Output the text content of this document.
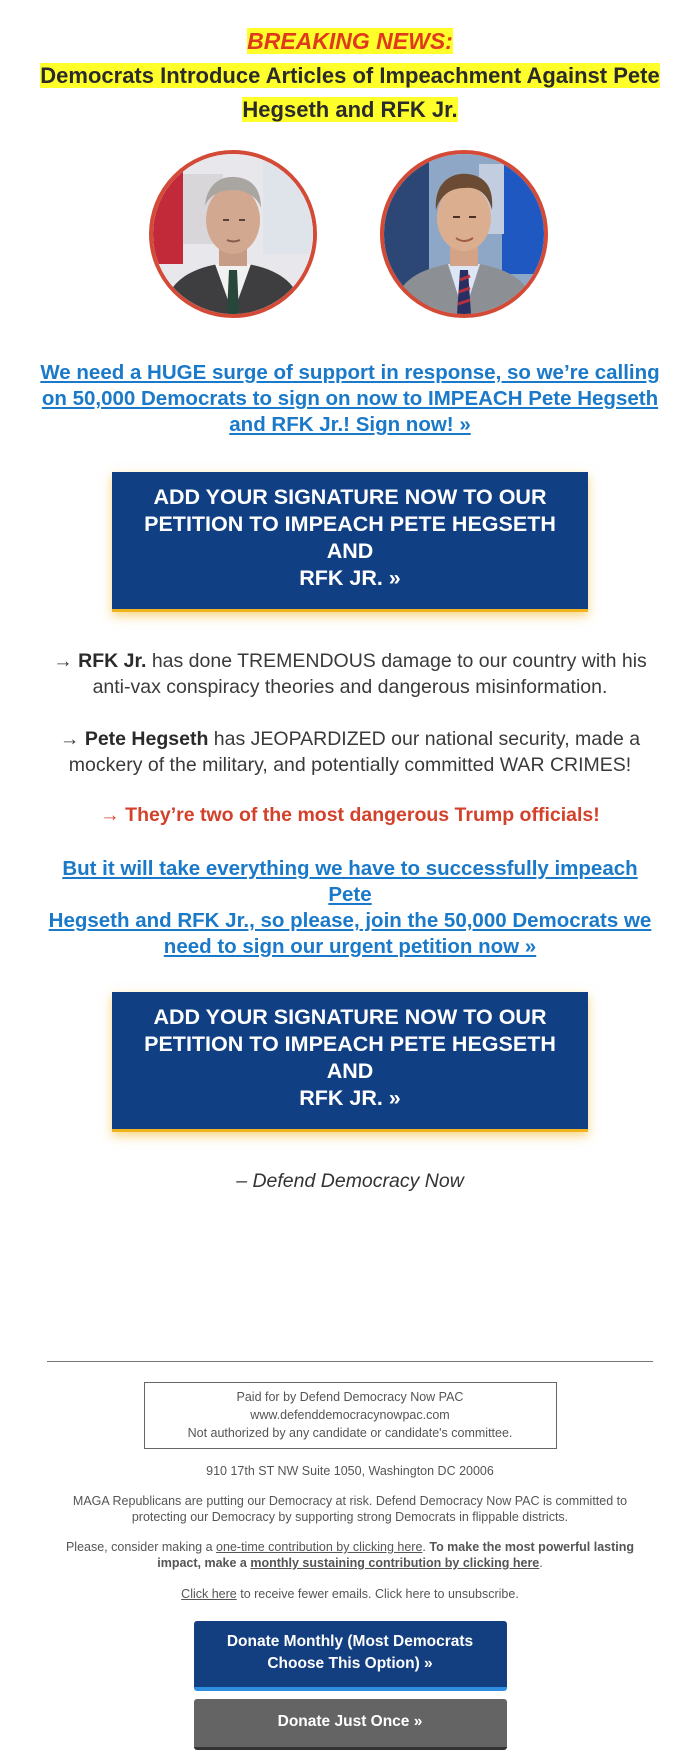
BREAKING NEWS:
Democrats Introduce Articles of Impeachment Against Pete
Hegseth and RFK Jr.
We need a HUGE surge of support in response, so we’re calling
on 50,000 Democrats to sign on now to IMPEACH Pete Hegseth
and RFK Jr.! Sign now! »
ADD YOUR SIGNATURE NOW TO OUR
PETITION TO IMPEACH PETE HEGSETH AND
RFK JR. »
→ RFK Jr. has done TREMENDOUS damage to our country with his
anti-vax conspiracy theories and dangerous misinformation.
→ Pete Hegseth has JEOPARDIZED our national security, made a
mockery of the military, and potentially committed WAR CRIMES!
→ They’re two of the most dangerous Trump officials!
But it will take everything we have to successfully impeach Pete
Hegseth and RFK Jr., so please, join the 50,000 Democrats we
need to sign our urgent petition now »
ADD YOUR SIGNATURE NOW TO OUR
PETITION TO IMPEACH PETE HEGSETH AND
RFK JR. »
– Defend Democracy Now
Paid for by Defend Democracy Now PAC
www.defenddemocracynowpac.com
Not authorized by any candidate or candidate's committee.
910 17th ST NW Suite 1050, Washington DC 20006
MAGA Republicans are putting our Democracy at risk. Defend Democracy Now PAC is committed to
protecting our Democracy by supporting strong Democrats in flippable districts.
Please, consider making a one-time contribution by clicking here. To make the most powerful lasting
impact, make a monthly sustaining contribution by clicking here.
Click here to receive fewer emails. Click here to unsubscribe.
Donate Monthly (Most Democrats
Choose This Option) »
Donate Just Once »
